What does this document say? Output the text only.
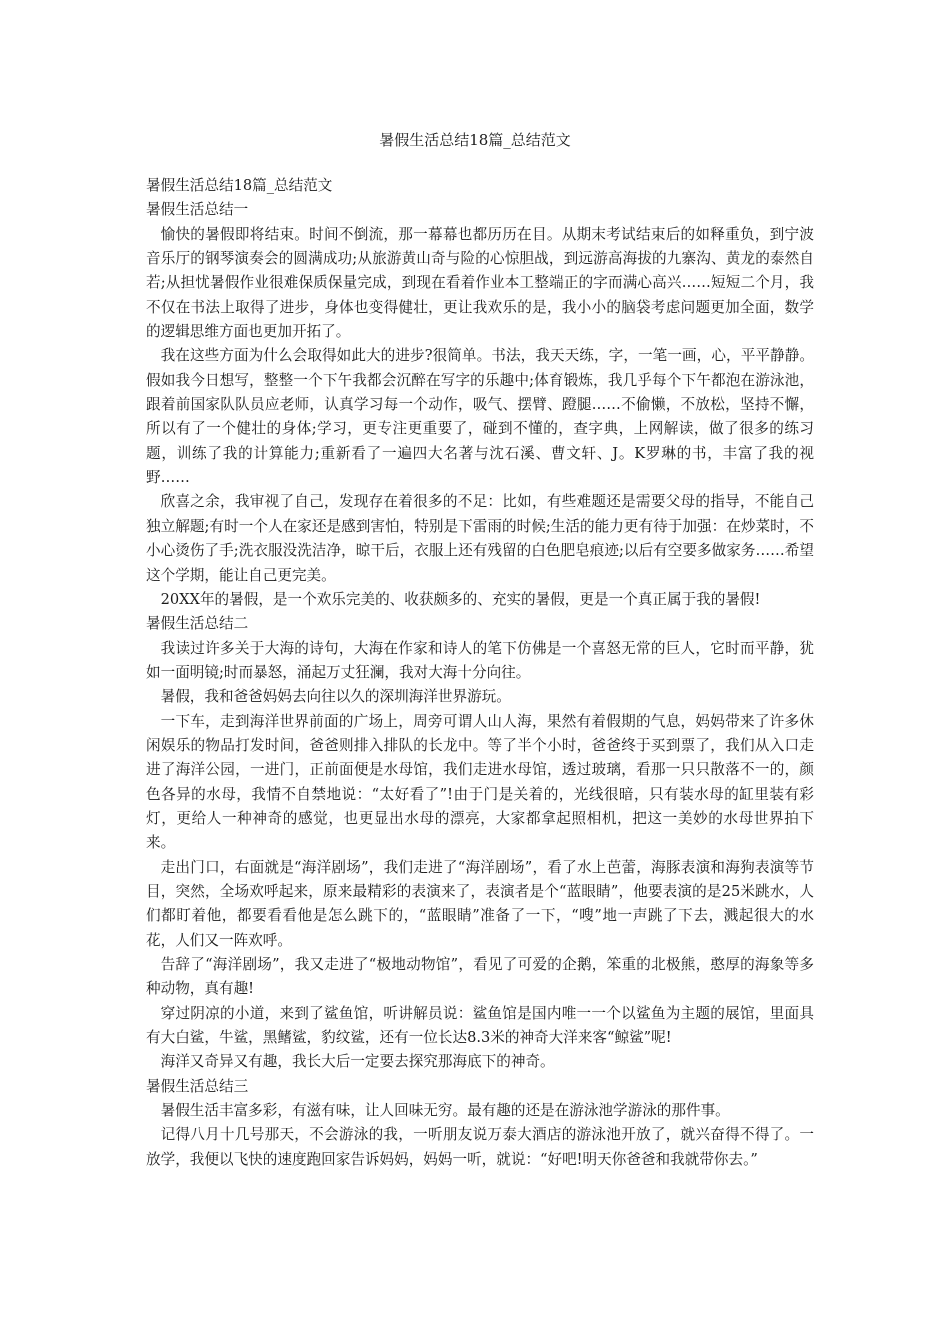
暑假生活总结18篇_总结范文

暑假生活总结18篇_总结范文

暑假生活总结一

愉快的暑假即将结束。时间不倒流，那一幕幕也都历历在目。从期末考试结束后的如释重负，到宁波音乐厅的钢琴演奏会的圆满成功;从旅游黄山奇与险的心惊胆战，到远游高海拔的九寨沟、黄龙的泰然自若;从担忧暑假作业很难保质保量完成，到现在看着作业本工整端正的字而满心高兴……短短二个月，我不仅在书法上取得了进步，身体也变得健壮，更让我欢乐的是，我小小的脑袋考虑问题更加全面，数学的逻辑思维方面也更加开拓了。

我在这些方面为什么会取得如此大的进步?很简单。书法，我天天练，字，一笔一画，心，平平静静。假如我今日想写，整整一个下午我都会沉醉在写字的乐趣中;体育锻炼，我几乎每个下午都泡在游泳池，跟着前国家队队员应老师，认真学习每一个动作，吸气、摆臂、蹬腿……不偷懒，不放松，坚持不懈，所以有了一个健壮的身体;学习，更专注更重要了，碰到不懂的，查字典，上网解读，做了很多的练习题，训练了我的计算能力;重新看了一遍四大名著与沈石溪、曹文轩、J。K罗琳的书，丰富了我的视野……

欣喜之余，我审视了自己，发现存在着很多的不足：比如，有些难题还是需要父母的指导，不能自己独立解题;有时一个人在家还是感到害怕，特别是下雷雨的时候;生活的能力更有待于加强：在炒菜时，不小心烫伤了手;洗衣服没洗洁净，晾干后，衣服上还有残留的白色肥皂痕迹;以后有空要多做家务……希望这个学期，能让自己更完美。

20XX年的暑假，是一个欢乐完美的、收获颇多的、充实的暑假，更是一个真正属于我的暑假!

暑假生活总结二

我读过许多关于大海的诗句，大海在作家和诗人的笔下仿佛是一个喜怒无常的巨人，它时而平静，犹如一面明镜;时而暴怒，涌起万丈狂澜，我对大海十分向往。

暑假，我和爸爸妈妈去向往以久的深圳海洋世界游玩。

一下车，走到海洋世界前面的广场上，周旁可谓人山人海，果然有着假期的气息，妈妈带来了许多休闲娱乐的物品打发时间，爸爸则排入排队的长龙中。等了半个小时，爸爸终于买到票了，我们从入口走进了海洋公园，一进门，正前面便是水母馆，我们走进水母馆，透过玻璃，看那一只只散落不一的，颜色各异的水母，我情不自禁地说：“太好看了”!由于门是关着的，光线很暗，只有装水母的缸里装有彩灯，更给人一种神奇的感觉，也更显出水母的漂亮，大家都拿起照相机，把这一美妙的水母世界拍下来。

走出门口，右面就是“海洋剧场”，我们走进了“海洋剧场”，看了水上芭蕾，海豚表演和海狗表演等节目，突然，全场欢呼起来，原来最精彩的表演来了，表演者是个“蓝眼睛”，他要表演的是25米跳水，人们都盯着他，都要看看他是怎么跳下的，“蓝眼睛”准备了一下，“嗖”地一声跳了下去，溅起很大的水花，人们又一阵欢呼。

告辞了“海洋剧场”，我又走进了“极地动物馆”，看见了可爱的企鹅，笨重的北极熊，憨厚的海象等多种动物，真有趣!

穿过阴凉的小道，来到了鲨鱼馆，听讲解员说：鲨鱼馆是国内唯一一个以鲨鱼为主题的展馆，里面具有大白鲨，牛鲨，黑鳍鲨，豹纹鲨，还有一位长达8.3米的神奇大洋来客“鲸鲨”呢!

海洋又奇异又有趣，我长大后一定要去探究那海底下的神奇。

暑假生活总结三

暑假生活丰富多彩，有滋有味，让人回味无穷。最有趣的还是在游泳池学游泳的那件事。

记得八月十几号那天，不会游泳的我，一听朋友说万泰大酒店的游泳池开放了，就兴奋得不得了。一放学，我便以飞快的速度跑回家告诉妈妈，妈妈一听，就说：“好吧!明天你爸爸和我就带你去。”
